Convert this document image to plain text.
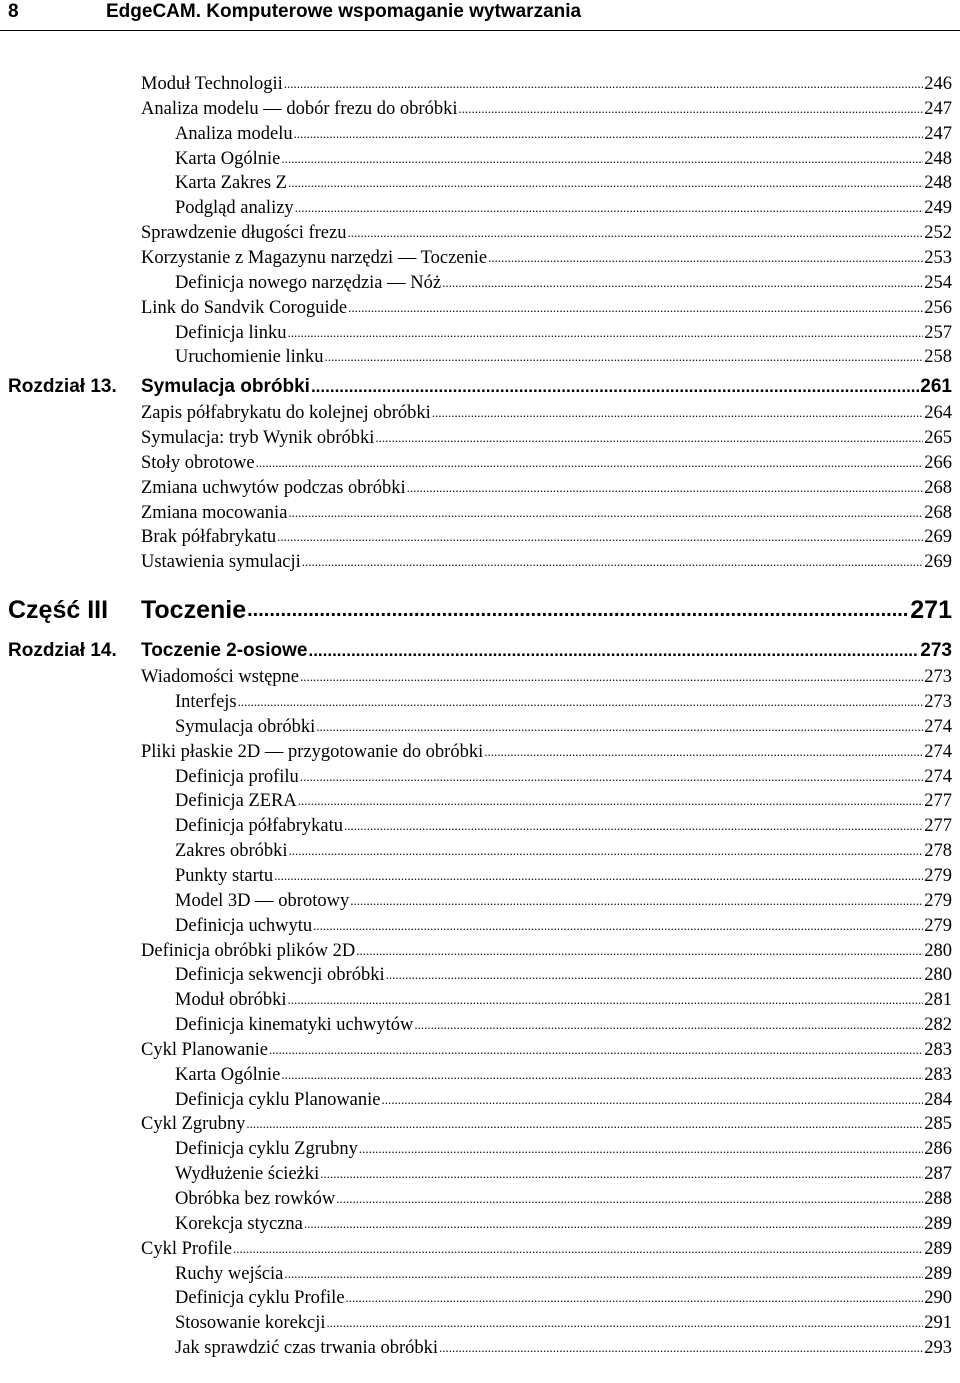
8	EdgeCAM. Komputerowe wspomaganie wytwarzania
Moduł Technologii .....	246
Analiza modelu — dobór frezu do obróbki .....	247
Analiza modelu .....	247
Karta Ogólnie .....	248
Karta Zakres Z .....	248
Podgląd analizy .....	249
Sprawdzenie długości frezu .....	252
Korzystanie z Magazynu narzędzi — Toczenie .....	253
Definicja nowego narzędzia — Nóż .....	254
Link do Sandvik Coroguide .....	256
Definicja linku .....	257
Uruchomienie linku .....	258
Rozdział 13.	Symulacja obróbki .....	261
Zapis półfabrykatu do kolejnej obróbki .....	264
Symulacja: tryb Wynik obróbki .....	265
Stoły obrotowe .....	266
Zmiana uchwytów podczas obróbki .....	268
Zmiana mocowania .....	268
Brak półfabrykatu .....	269
Ustawienia symulacji .....	269
Część III	Toczenie .....	271
Rozdział 14.	Toczenie 2-osiowe .....	273
Wiadomości wstępne .....	273
Interfejs .....	273
Symulacja obróbki .....	274
Pliki płaskie 2D — przygotowanie do obróbki .....	274
Definicja profilu .....	274
Definicja ZERA .....	277
Definicja półfabrykatu .....	277
Zakres obróbki .....	278
Punkty startu .....	279
Model 3D — obrotowy .....	279
Definicja uchwytu .....	279
Definicja obróbki plików 2D .....	280
Definicja sekwencji obróbki .....	280
Moduł obróbki .....	281
Definicja kinematyki uchwytów .....	282
Cykl Planowanie .....	283
Karta Ogólnie .....	283
Definicja cyklu Planowanie .....	284
Cykl Zgrubny .....	285
Definicja cyklu Zgrubny .....	286
Wydłużenie ścieżki .....	287
Obróbka bez rowków .....	288
Korekcja styczna .....	289
Cykl Profile .....	289
Ruchy wejścia .....	289
Definicja cyklu Profile .....	290
Stosowanie korekcji .....	291
Jak sprawdzić czas trwania obróbki .....	293
